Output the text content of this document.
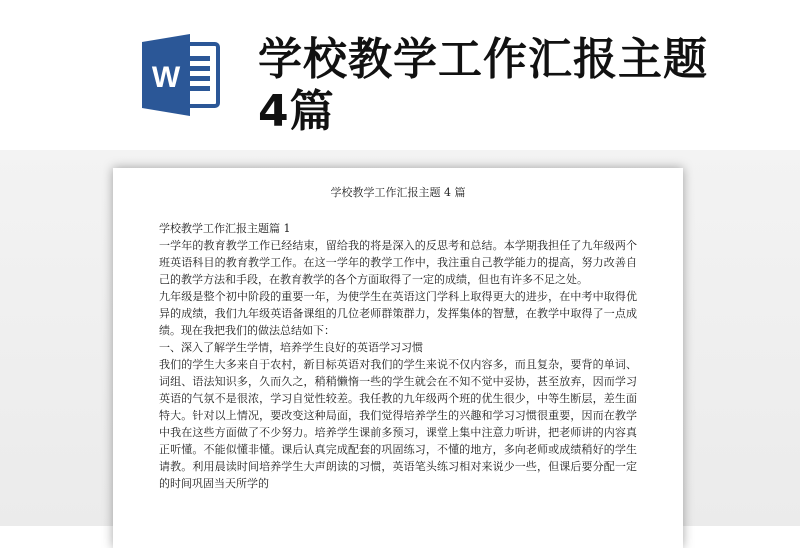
W 学校教学工作汇报主题4篇
学校教学工作汇报主题 4 篇

学校教学工作汇报主题篇 1

一学年的教育教学工作已经结束，留给我的将是深入的反思考和总结。本学期我担任了九年级两个班英语科目的教育教学工作。在这一学年的教学工作中，我注重自己教学能力的提高，努力改善自己的教学方法和手段，在教育教学的各个方面取得了一定的成绩，但也有许多不足之处。

九年级是整个初中阶段的重要一年，为使学生在英语这门学科上取得更大的进步，在中考中取得优异的成绩，我们九年级英语备课组的几位老师群策群力，发挥集体的智慧，在教学中取得了一点成绩。现在我把我们的做法总结如下：

一、深入了解学生学情，培养学生良好的英语学习习惯

我们的学生大多来自于农村，新目标英语对我们的学生来说不仅内容多，而且复杂，要背的单词、词组、语法知识多，久而久之，稍稍懒惰一些的学生就会在不知不觉中妥协，甚至放弃，因而学习英语的气氛不是很浓，学习自觉性较差。我任教的九年级两个班的优生很少，中等生断层，差生面特大。针对以上情况，要改变这种局面，我们觉得培养学生的兴趣和学习习惯很重要，因而在教学中我在这些方面做了不少努力。培养学生课前多预习，课堂上集中注意力听讲，把老师讲的内容真正听懂。不能似懂非懂。课后认真完成配套的巩固练习，不懂的地方，多向老师或成绩稍好的学生请教。利用晨读时间培养学生大声朗读的习惯，英语笔头练习相对来说少一些，但课后要分配一定的时间巩固当天所学的
